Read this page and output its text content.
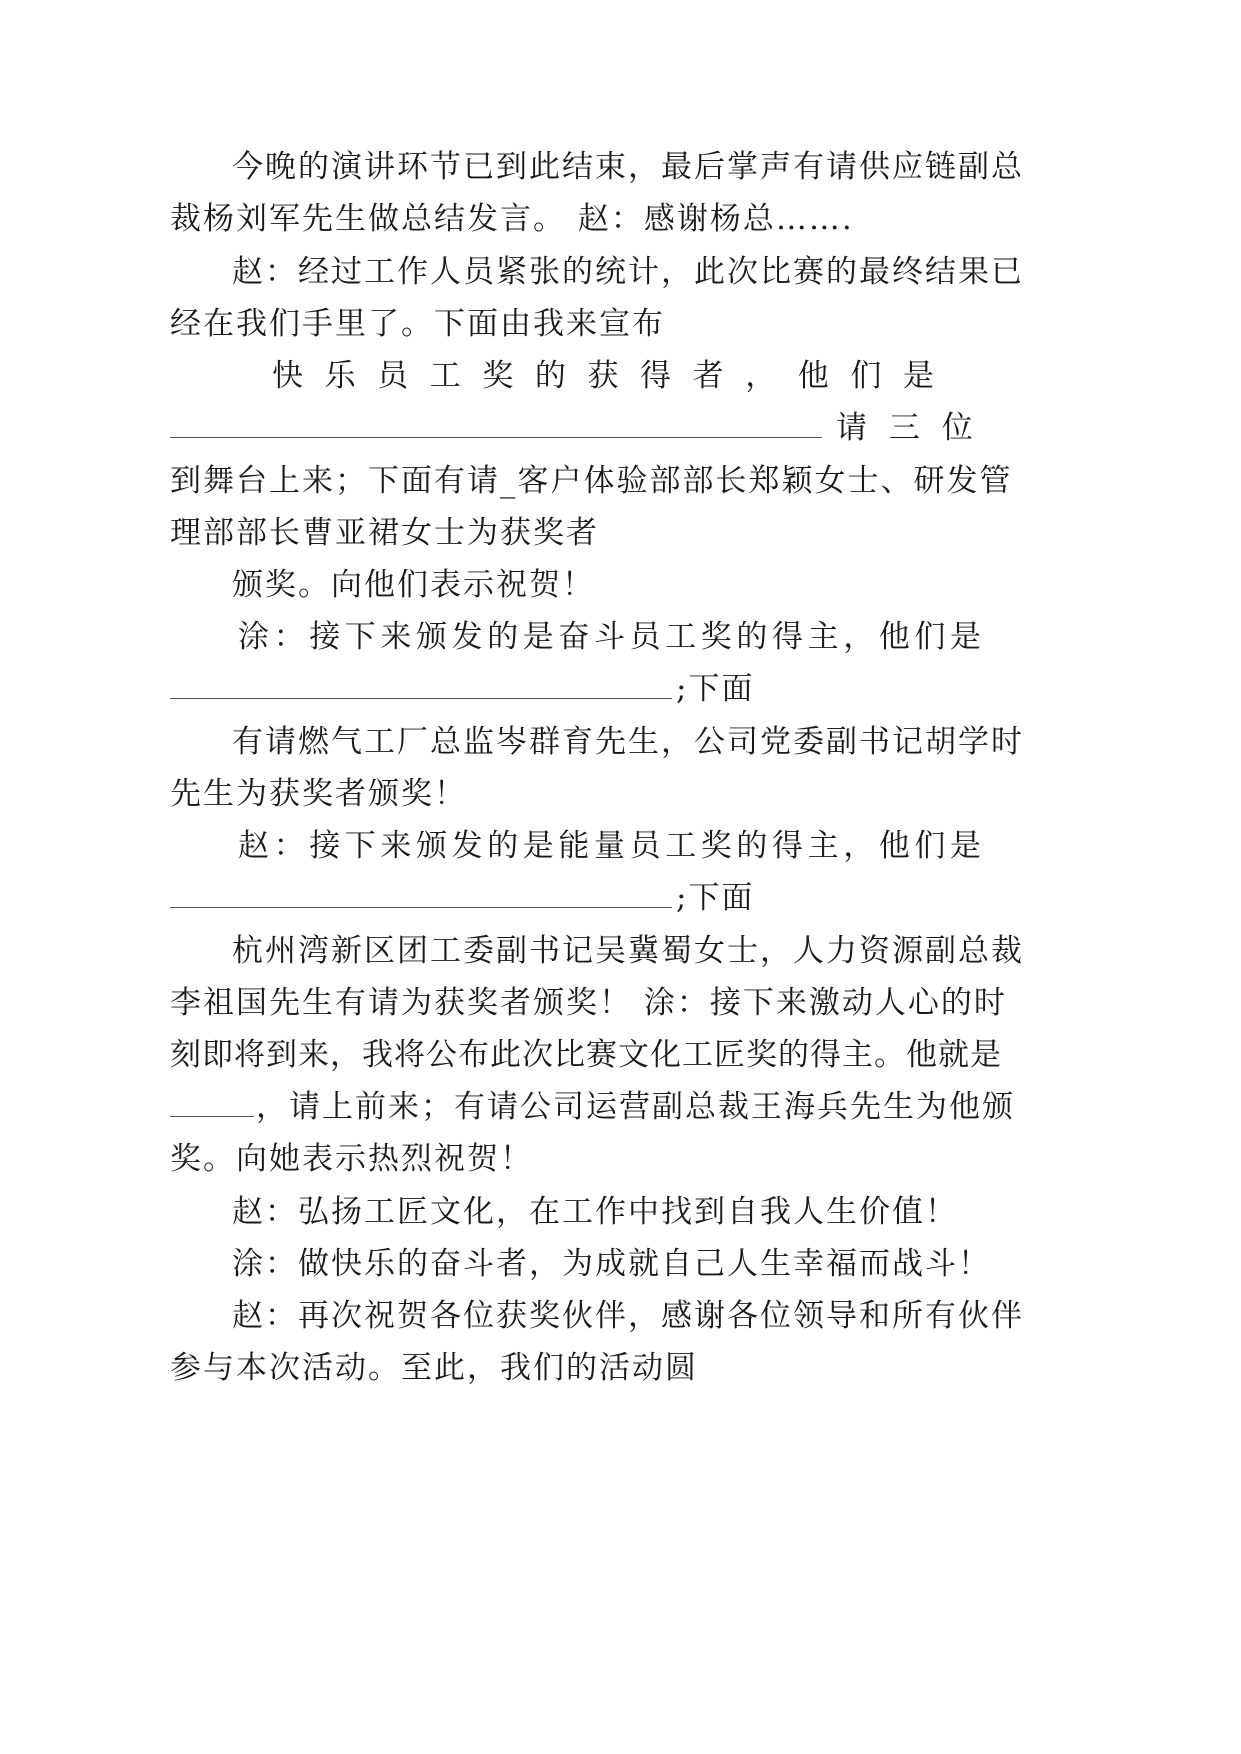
今晚的演讲环节已到此结束，最后掌声有请供应链副总
裁杨刘军先生做总结发言。 赵：感谢杨总…….
赵：经过工作人员紧张的统计，此次比赛的最终结果已
经在我们手里了。下面由我来宣布
快 乐 员 工 奖 的 获 得 者 ， 他 们 是
请 三 位
到舞台上来；下面有请_客户体验部部长郑颖女士、研发管
理部部长曹亚裙女士为获奖者
颁奖。向他们表示祝贺！
涂：接下来颁发的是奋斗员工奖的得主，他们是
;下面
有请燃气工厂总监岑群育先生，公司党委副书记胡学时
先生为获奖者颁奖！
赵：接下来颁发的是能量员工奖的得主，他们是
;下面
杭州湾新区团工委副书记吴冀蜀女士，人力资源副总裁
李祖国先生有请为获奖者颁奖！ 涂：接下来激动人心的时
刻即将到来，我将公布此次比赛文化工匠奖的得主。他就是
，请上前来；有请公司运营副总裁王海兵先生为他颁
奖。向她表示热烈祝贺！
赵：弘扬工匠文化，在工作中找到自我人生价值！
涂：做快乐的奋斗者，为成就自己人生幸福而战斗！
赵：再次祝贺各位获奖伙伴，感谢各位领导和所有伙伴
参与本次活动。至此，我们的活动圆
